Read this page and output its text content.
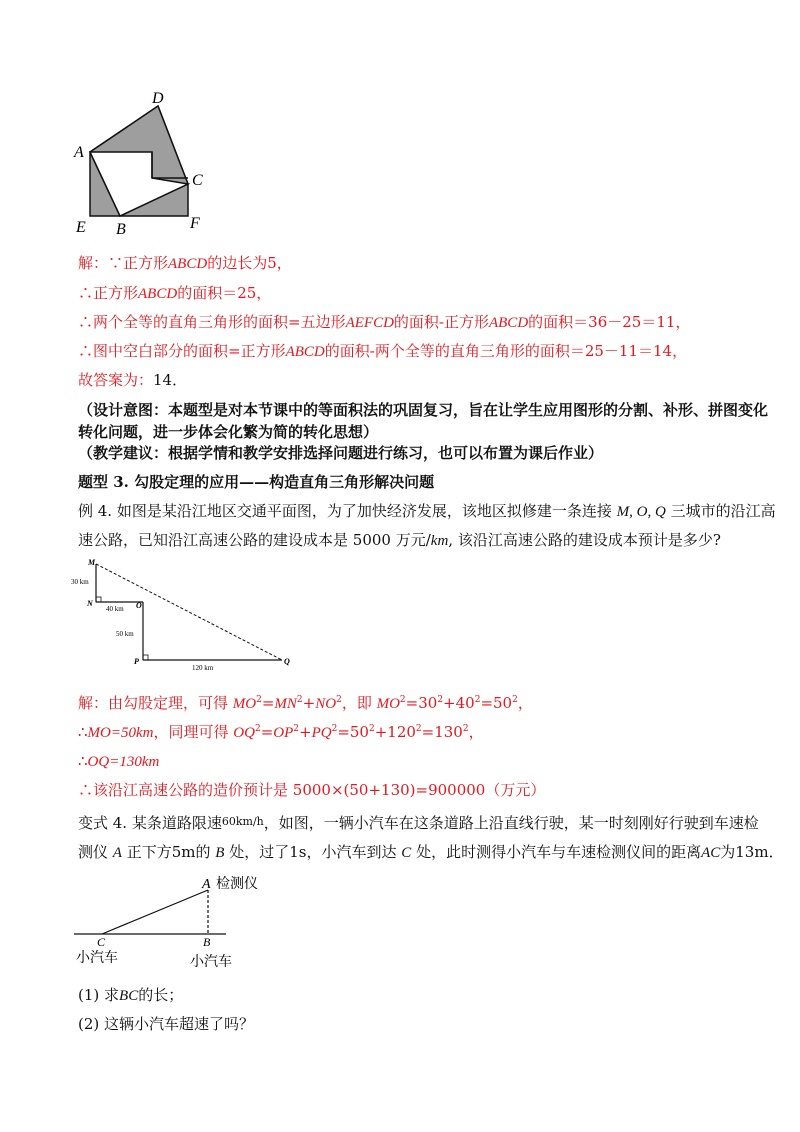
D
A
C
E B	F
解：∵正方形ABCD的边长为5，
∴正方形ABCD的面积＝25，
∴两个全等的直角三角形的面积=五边形AEFCD的面积-正方形ABCD的面积＝36－25＝11，
∴图中空白部分的面积=正方形ABCD的面积-两个全等的直角三角形的面积＝25－11＝14，
故答案为：14．
（设计意图：本题型是对本节课中的等面积法的巩固复习，旨在让学生应用图形的分割、补形、拼图变化
转化问题，进一步体会化繁为简的转化思想）
（教学建议：根据学情和教学安排选择问题进行练习，也可以布置为课后作业）
题型 3. 勾股定理的应用——构造直角三角形解决问题
例 4. 如图是某沿江地区交通平面图，为了加快经济发展，该地区拟修建一条连接 M, O, Q 三城市的沿江高
速公路，已知沿江高速公路的建设成本是 5000 万元/km, 该沿江高速公路的建设成本预计是多少?
M
30 km
N
40 km O
50 km
P
120 km
Q
解：由勾股定理，可得 $MO^2=MN^2+NO^2$，即 $MO^2=30^2+40^2=50^2$，
∴MO=50km，同理可得 $OQ^2=OP^2+PQ^2=50^2+120^2=130^2$，
∴OQ=130km
∴该沿江高速公路的造价预计是 5000×(50+130)=900000（万元）
变式 4. 某条道路限速$^{60km/h}$，如图，一辆小汽车在这条道路上沿直线行驶，某一时刻刚好行驶到车速检
测仪 A 正下方5m的 B 处，过了1s，小汽车到达 C 处，此时测得小汽车与车速检测仪间的距离AC为13m．
A 检测仪
C	B
小汽车	小汽车
(1) 求BC的长；
(2) 这辆小汽车超速了吗？
